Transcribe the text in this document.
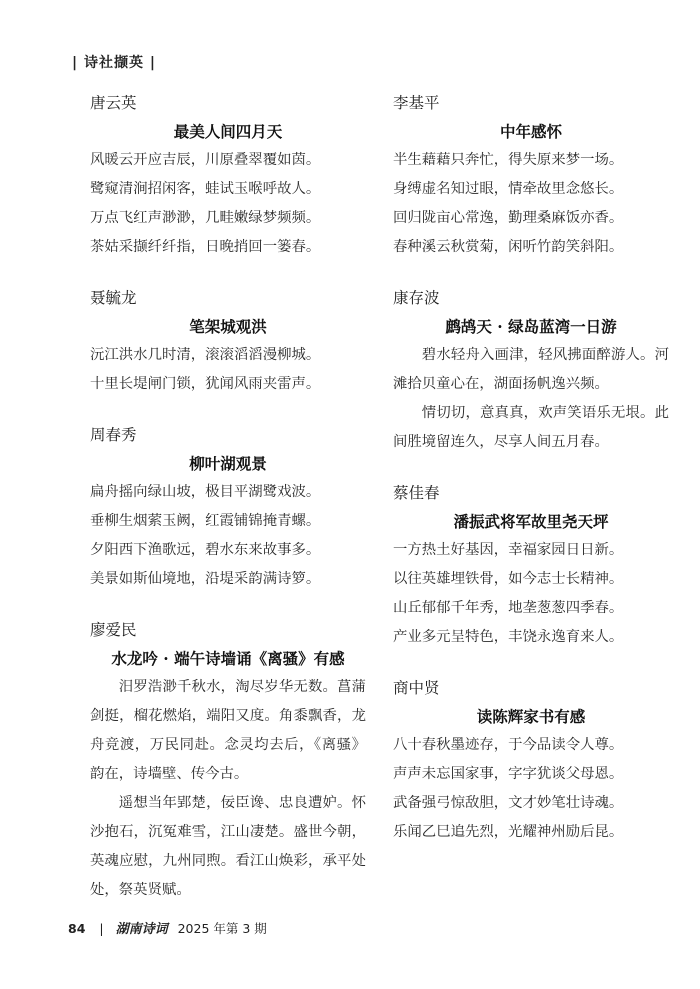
| 诗社撷英 |
唐云英
最美人间四月天
风暖云开应吉辰，川原叠翠覆如茵。
鹭窥清涧招闲客，蛙试玉喉呼故人。
万点飞红声渺渺，几畦嫩绿梦频频。
茶姑采撷纤纤指，日晚捎回一篓春。
聂毓龙
笔架城观洪
沅江洪水几时清，滚滚滔滔漫柳城。
十里长堤闸门锁，犹闻风雨夹雷声。
周春秀
柳叶湖观景
扁舟摇向绿山坡，极目平湖鹭戏波。
垂柳生烟萦玉阙，红霞铺锦掩青螺。
夕阳西下渔歌远，碧水东来故事多。
美景如斯仙境地，沿堤采韵满诗箩。
廖爱民
水龙吟 · 端午诗墙诵《离骚》有感

汨罗浩渺千秋水，淘尽岁华无数。菖蒲剑挺，榴花燃焰，端阳又度。角黍飘香，龙舟竞渡，万民同赴。念灵均去后，《离骚》韵在，诗墙壁、传今古。

遥想当年郢楚，佞臣谗、忠良遭妒。怀沙抱石，沉冤难雪，江山凄楚。盛世今朝，英魂应慰，九州同煦。看江山焕彩，承平处处，祭英贤赋。

李基平
中年感怀
半生藉藉只奔忙，得失原来梦一场。
身缚虚名知过眼，情牵故里念悠长。
回归陇亩心常逸，勤理桑麻饭亦香。
春种溪云秋赏菊，闲听竹韵笑斜阳。
康存波
鹧鸪天 · 绿岛蓝湾一日游

碧水轻舟入画津，轻风拂面醉游人。河滩拾贝童心在，湖面扬帆逸兴频。

情切切，意真真，欢声笑语乐无垠。此间胜境留连久，尽享人间五月春。

蔡佳春
潘振武将军故里尧天坪
一方热土好基因，幸福家园日日新。
以往英雄埋铁骨，如今志士长精神。
山丘郁郁千年秀，地垄葱葱四季春。
产业多元呈特色，丰饶永逸育来人。
商中贤
读陈辉家书有感
八十春秋墨迹存，于今品读令人尊。
声声未忘国家事，字字犹谈父母恩。
武备强弓惊敌胆，文才妙笔壮诗魂。
乐闻乙巳追先烈，光耀神州励后昆。
84 | 湖南诗词 2025 年第 3 期
